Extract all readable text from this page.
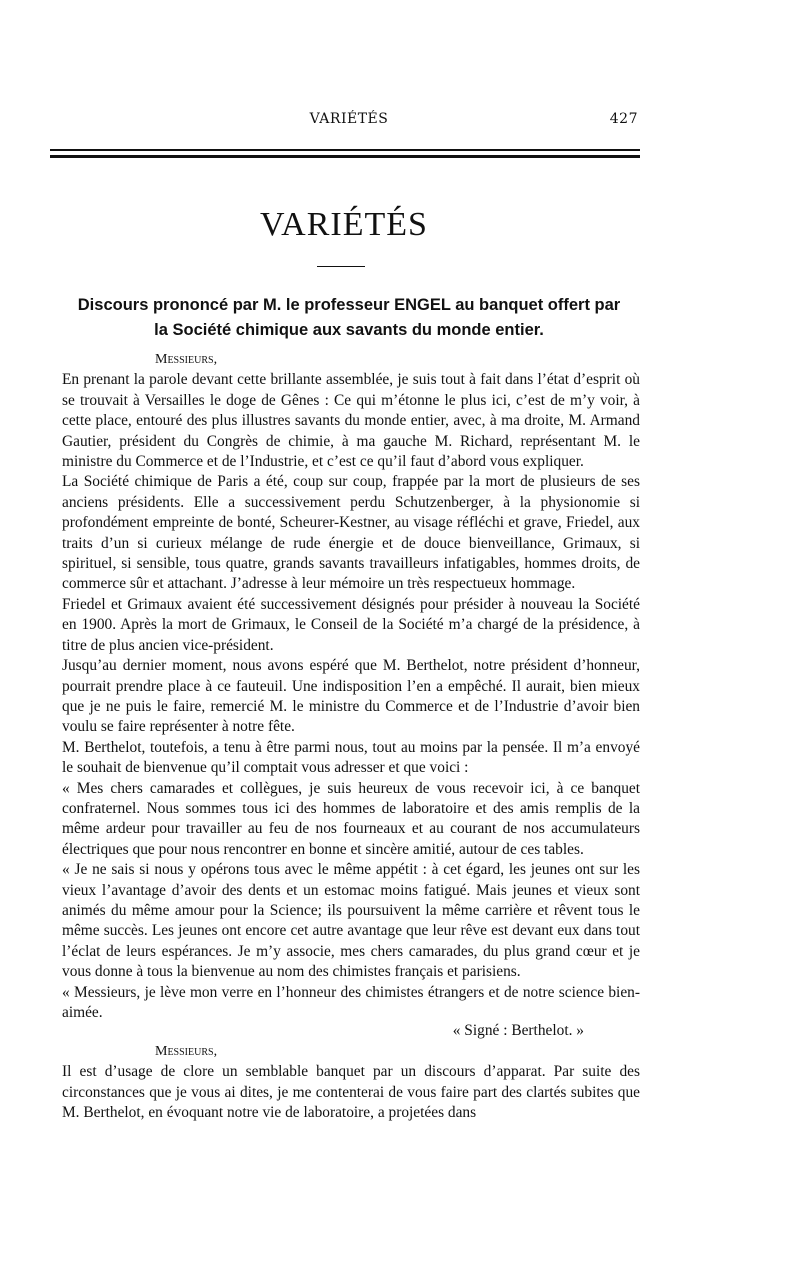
VARIÉTÉS	427
VARIÉTÉS
Discours prononcé par M. le professeur ENGEL au banquet offert par
la Société chimique aux savants du monde entier.

Messieurs,

En prenant la parole devant cette brillante assemblée, je suis tout à fait dans l’état d’esprit où se trouvait à Versailles le doge de Gênes : Ce qui m’étonne le plus ici, c’est de m’y voir, à cette place, entouré des plus illustres savants du monde entier, avec, à ma droite, M. Armand Gautier, président du Congrès de chimie, à ma gauche M. Richard, représentant M. le ministre du Commerce et de l’Industrie, et c’est ce qu’il faut d’abord vous expliquer.

La Société chimique de Paris a été, coup sur coup, frappée par la mort de plusieurs de ses anciens présidents. Elle a successivement perdu Schutzenberger, à la physionomie si profondément empreinte de bonté, Scheurer-Kestner, au visage réfléchi et grave, Friedel, aux traits d’un si curieux mélange de rude énergie et de douce bienveillance, Grimaux, si spirituel, si sensible, tous quatre, grands savants travailleurs infatigables, hommes droits, de commerce sûr et attachant. J’adresse à leur mémoire un très respectueux hommage.

Friedel et Grimaux avaient été successivement désignés pour présider à nouveau la Société en 1900. Après la mort de Grimaux, le Conseil de la Société m’a chargé de la présidence, à titre de plus ancien vice-président.

Jusqu’au dernier moment, nous avons espéré que M. Berthelot, notre président d’honneur, pourrait prendre place à ce fauteuil. Une indisposition l’en a empêché. Il aurait, bien mieux que je ne puis le faire, remercié M. le ministre du Commerce et de l’Industrie d’avoir bien voulu se faire représenter à notre fête.

M. Berthelot, toutefois, a tenu à être parmi nous, tout au moins par la pensée. Il m’a envoyé le souhait de bienvenue qu’il comptait vous adresser et que voici :

« Mes chers camarades et collègues, je suis heureux de vous recevoir ici, à ce banquet confraternel. Nous sommes tous ici des hommes de laboratoire et des amis remplis de la même ardeur pour travailler au feu de nos fourneaux et au courant de nos accumulateurs électriques que pour nous rencontrer en bonne et sincère amitié, autour de ces tables.

« Je ne sais si nous y opérons tous avec le même appétit : à cet égard, les jeunes ont sur les vieux l’avantage d’avoir des dents et un estomac moins fatigué. Mais jeunes et vieux sont animés du même amour pour la Science; ils poursuivent la même carrière et rêvent tous le même succès. Les jeunes ont encore cet autre avantage que leur rêve est devant eux dans tout l’éclat de leurs espérances. Je m’y associe, mes chers camarades, du plus grand cœur et je vous donne à tous la bienvenue au nom des chimistes français et parisiens.

« Messieurs, je lève mon verre en l’honneur des chimistes étrangers et de notre science bien-aimée.

« Signé : Berthelot. »

Messieurs,

Il est d’usage de clore un semblable banquet par un discours d’apparat. Par suite des circonstances que je vous ai dites, je me contenterai de vous faire part des clartés subites que M. Berthelot, en évoquant notre vie de laboratoire, a projetées dans
